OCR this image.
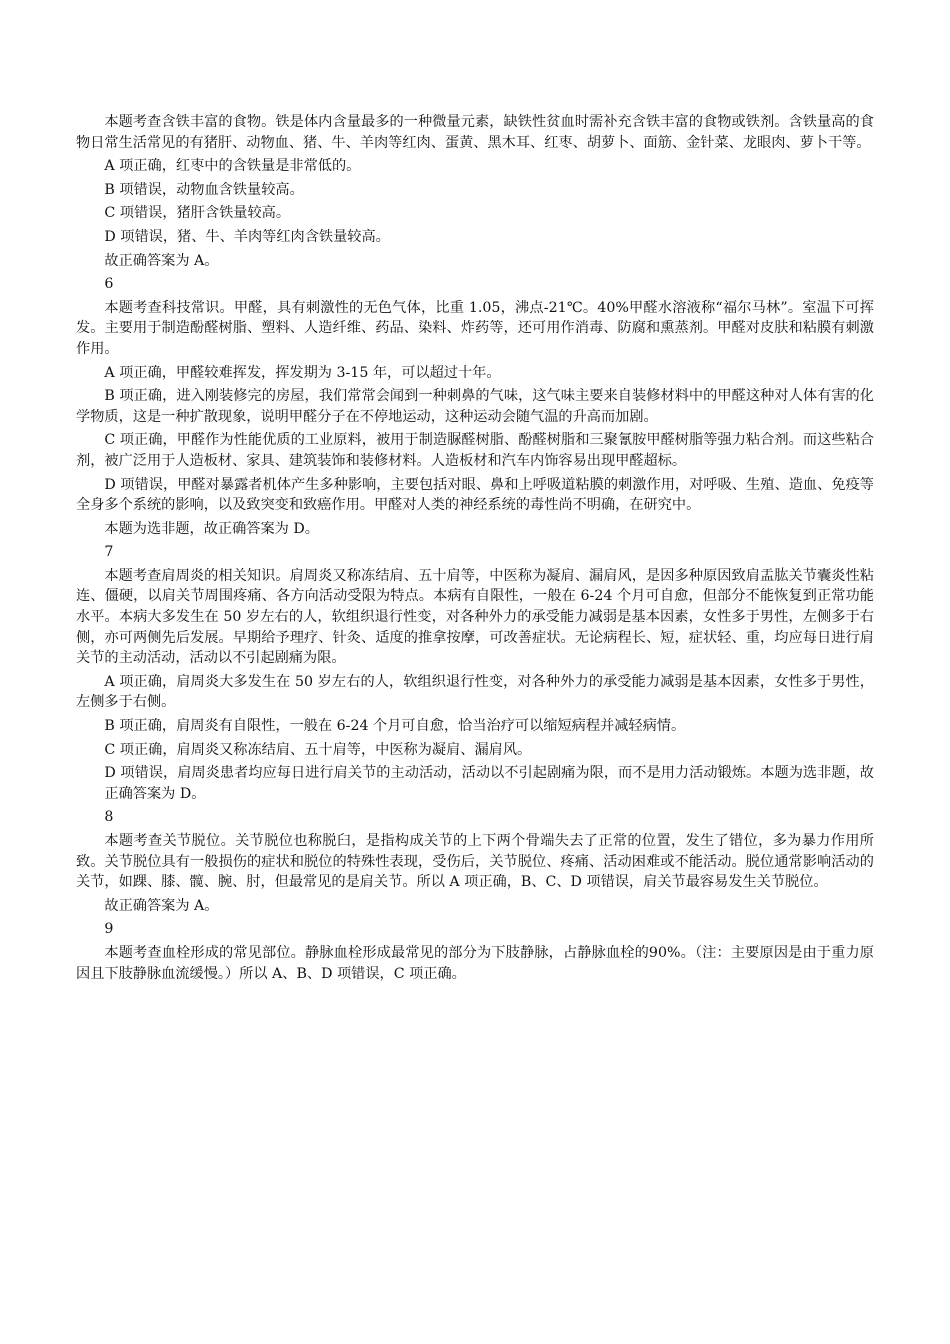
本题考查含铁丰富的食物。铁是体内含量最多的一种微量元素，缺铁性贫血时需补充含铁丰富的食物或铁剂。含铁量高的食物日常生活常见的有猪肝、动物血、猪、牛、羊肉等红肉、蛋黄、黑木耳、红枣、胡萝卜、面筋、金针菜、龙眼肉、萝卜干等。

A 项正确，红枣中的含铁量是非常低的。

B 项错误，动物血含铁量较高。

C 项错误，猪肝含铁量较高。

D 项错误，猪、牛、羊肉等红肉含铁量较高。

故正确答案为 A。

6

本题考查科技常识。甲醛，具有刺激性的无色气体，比重 1.05，沸点-21℃。40%甲醛水溶液称“福尔马林”。室温下可挥发。主要用于制造酚醛树脂、塑料、人造纤维、药品、染料、炸药等，还可用作消毒、防腐和熏蒸剂。甲醛对皮肤和粘膜有刺激作用。

A 项正确，甲醛较难挥发，挥发期为 3-15 年，可以超过十年。

B 项正确，进入刚装修完的房屋，我们常常会闻到一种刺鼻的气味，这气味主要来自装修材料中的甲醛这种对人体有害的化学物质，这是一种扩散现象，说明甲醛分子在不停地运动，这种运动会随气温的升高而加剧。

C 项正确，甲醛作为性能优质的工业原料，被用于制造脲醛树脂、酚醛树脂和三聚氰胺甲醛树脂等强力粘合剂。而这些粘合剂，被广泛用于人造板材、家具、建筑装饰和装修材料。人造板材和汽车内饰容易出现甲醛超标。

D 项错误，甲醛对暴露者机体产生多种影响，主要包括对眼、鼻和上呼吸道粘膜的刺激作用，对呼吸、生殖、造血、免疫等全身多个系统的影响，以及致突变和致癌作用。甲醛对人类的神经系统的毒性尚不明确，在研究中。

本题为选非题，故正确答案为 D。

7

本题考查肩周炎的相关知识。肩周炎又称冻结肩、五十肩等，中医称为凝肩、漏肩风，是因多种原因致肩盂肱关节囊炎性粘连、僵硬，以肩关节周围疼痛、各方向活动受限为特点。本病有自限性，一般在 6-24 个月可自愈，但部分不能恢复到正常功能水平。本病大多发生在 50 岁左右的人，软组织退行性变，对各种外力的承受能力减弱是基本因素，女性多于男性，左侧多于右侧，亦可两侧先后发展。早期给予理疗、针灸、适度的推拿按摩，可改善症状。无论病程长、短，症状轻、重，均应每日进行肩关节的主动活动，活动以不引起剧痛为限。

A 项正确，肩周炎大多发生在 50 岁左右的人，软组织退行性变，对各种外力的承受能力减弱是基本因素，女性多于男性，左侧多于右侧。

B 项正确，肩周炎有自限性，一般在 6-24 个月可自愈，恰当治疗可以缩短病程并减轻病情。

C 项正确，肩周炎又称冻结肩、五十肩等，中医称为凝肩、漏肩风。

D 项错误，肩周炎患者均应每日进行肩关节的主动活动，活动以不引起剧痛为限，而不是用力活动锻炼。本题为选非题，故正确答案为 D。

8

本题考查关节脱位。关节脱位也称脱臼，是指构成关节的上下两个骨端失去了正常的位置，发生了错位，多为暴力作用所致。关节脱位具有一般损伤的症状和脱位的特殊性表现，受伤后，关节脱位、疼痛、活动困难或不能活动。脱位通常影响活动的关节，如踝、膝、髋、腕、肘，但最常见的是肩关节。所以 A 项正确，B、C、D 项错误，肩关节最容易发生关节脱位。

故正确答案为 A。

9

本题考查血栓形成的常见部位。静脉血栓形成最常见的部分为下肢静脉，占静脉血栓的90%。（注：主要原因是由于重力原因且下肢静脉血流缓慢。）所以 A、B、D 项错误，C 项正确。
